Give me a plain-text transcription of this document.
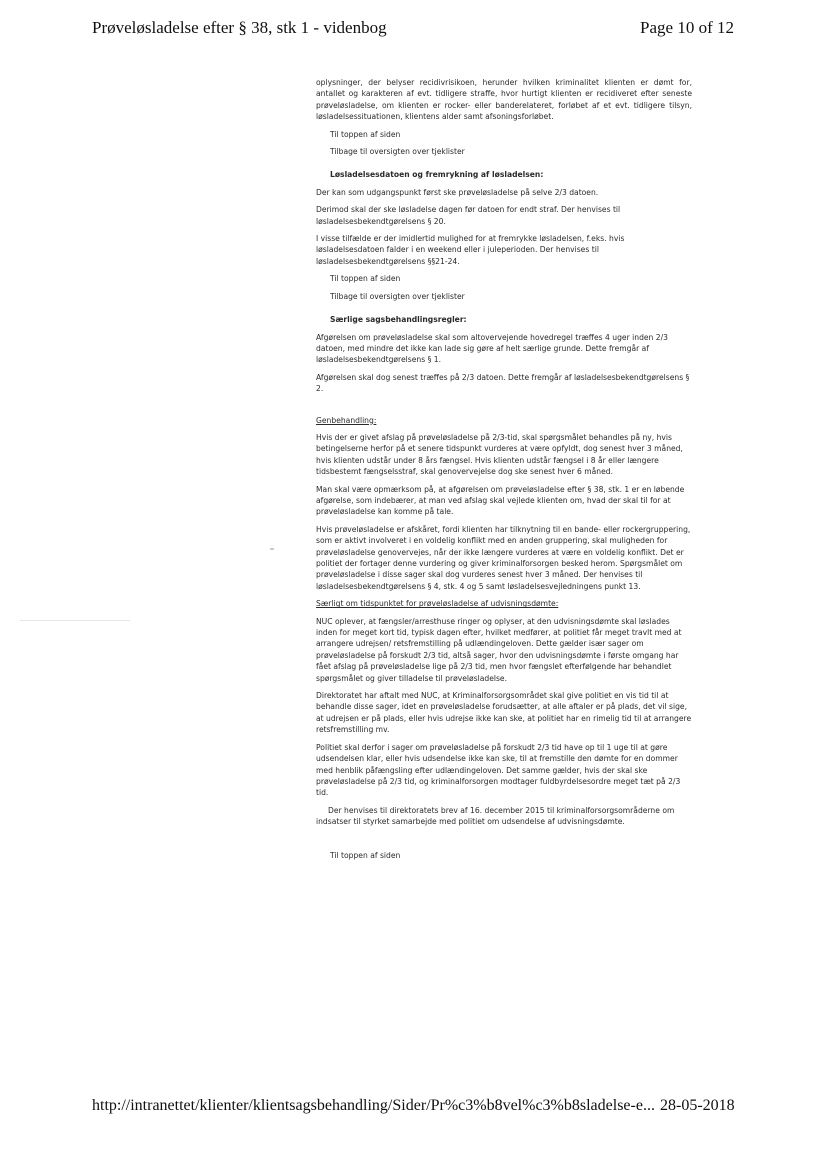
Prøveløsladelse efter § 38, stk 1 - videnbog	Page 10 of 12

oplysninger, der belyser recidivrisikoen, herunder hvilken kriminalitet klienten er dømt for, antallet og karakteren af evt. tidligere straffe, hvor hurtigt klienten er recidiveret efter seneste prøveløsladelse, om klienten er rocker- eller banderelateret, forløbet af et evt. tidligere tilsyn, løsladelsessituationen, klientens alder samt afsoningsforløbet.

Til toppen af siden

Tilbage til oversigten over tjeklister

Løsladelsesdatoen og fremrykning af løsladelsen:

Der kan som udgangspunkt først ske prøveløsladelse på selve 2/3 datoen.

Derimod skal der ske løsladelse dagen før datoen for endt straf. Der henvises til løsladelsesbekendtgørelsens § 20.

I visse tilfælde er der imidlertid mulighed for at fremrykke løsladelsen, f.eks. hvis løsladelsesdatoen falder i en weekend eller i juleperioden. Der henvises til løsladelsesbekendtgørelsens §§21-24.

Til toppen af siden

Tilbage til oversigten over tjeklister

Særlige sagsbehandlingsregler:

Afgørelsen om prøveløsladelse skal som altovervejende hovedregel træffes 4 uger inden 2/3 datoen, med mindre det ikke kan lade sig gøre af helt særlige grunde. Dette fremgår af løsladelsesbekendtgørelsens § 1.

Afgørelsen skal dog senest træffes på 2/3 datoen. Dette fremgår af løsladelsesbekendtgørelsens § 2.

Genbehandling:

Hvis der er givet afslag på prøveløsladelse på 2/3-tid, skal spørgsmålet behandles på ny, hvis betingelserne herfor på et senere tidspunkt vurderes at være opfyldt, dog senest hver 3 måned, hvis klienten udstår under 8 års fængsel. Hvis klienten udstår fængsel i 8 år eller længere tidsbestemt fængselsstraf, skal genovervejelse dog ske senest hver 6 måned.

Man skal være opmærksom på, at afgørelsen om prøveløsladelse efter § 38, stk. 1 er en løbende afgørelse, som indebærer, at man ved afslag skal vejlede klienten om, hvad der skal til for at prøveløsladelse kan komme på tale.

Hvis prøveløsladelse er afskåret, fordi klienten har tilknytning til en bande- eller rockergruppering, som er aktivt involveret i en voldelig konflikt med en anden gruppering, skal muligheden for prøveløsladelse genovervejes, når der ikke længere vurderes at være en voldelig konflikt. Det er politiet der fortager denne vurdering og giver kriminalforsorgen besked herom. Spørgsmålet om prøveløsladelse i disse sager skal dog vurderes senest hver 3 måned. Der henvises til løsladelsesbekendtgørelsens § 4, stk. 4 og 5 samt løsladelsesvejledningens punkt 13.

Særligt om tidspunktet for prøveløsladelse af udvisningsdømte:

NUC oplever, at fængsler/arresthuse ringer og oplyser, at den udvisningsdømte skal løslades inden for meget kort tid, typisk dagen efter, hvilket medfører, at politiet får meget travlt med at arrangere udrejsen/ retsfremstilling på udlændingeloven. Dette gælder især sager om prøveløsladelse på forskudt 2/3 tid, altså sager, hvor den udvisningsdømte i første omgang har fået afslag på prøveløsladelse lige på 2/3 tid, men hvor fængslet efterfølgende har behandlet spørgsmålet og giver tilladelse til prøveløsladelse.

Direktoratet har aftalt med NUC, at Kriminalforsorgsområdet skal give politiet en vis tid til at behandle disse sager, idet en prøveløsladelse forudsætter, at alle aftaler er på plads, det vil sige, at udrejsen er på plads, eller hvis udrejse ikke kan ske, at politiet har en rimelig tid til at arrangere retsfremstilling mv.

Politiet skal derfor i sager om prøveløsladelse på forskudt 2/3 tid have op til 1 uge til at gøre udsendelsen klar, eller hvis udsendelse ikke kan ske, til at fremstille den dømte for en dommer med henblik påfængsling efter udlændingeloven. Det samme gælder, hvis der skal ske prøveløsladelse på 2/3 tid, og kriminalforsorgen modtager fuldbyrdelsesordre meget tæt på 2/3 tid.

Der henvises til direktoratets brev af 16. december 2015 til kriminalforsorgsområderne om indsatser til styrket samarbejde med politiet om udsendelse af udvisningsdømte.

Til toppen af siden

http://intranettet/klienter/klientsagsbehandling/Sider/Pr%c3%b8vel%c3%b8sladelse-e... 28-05-2018
